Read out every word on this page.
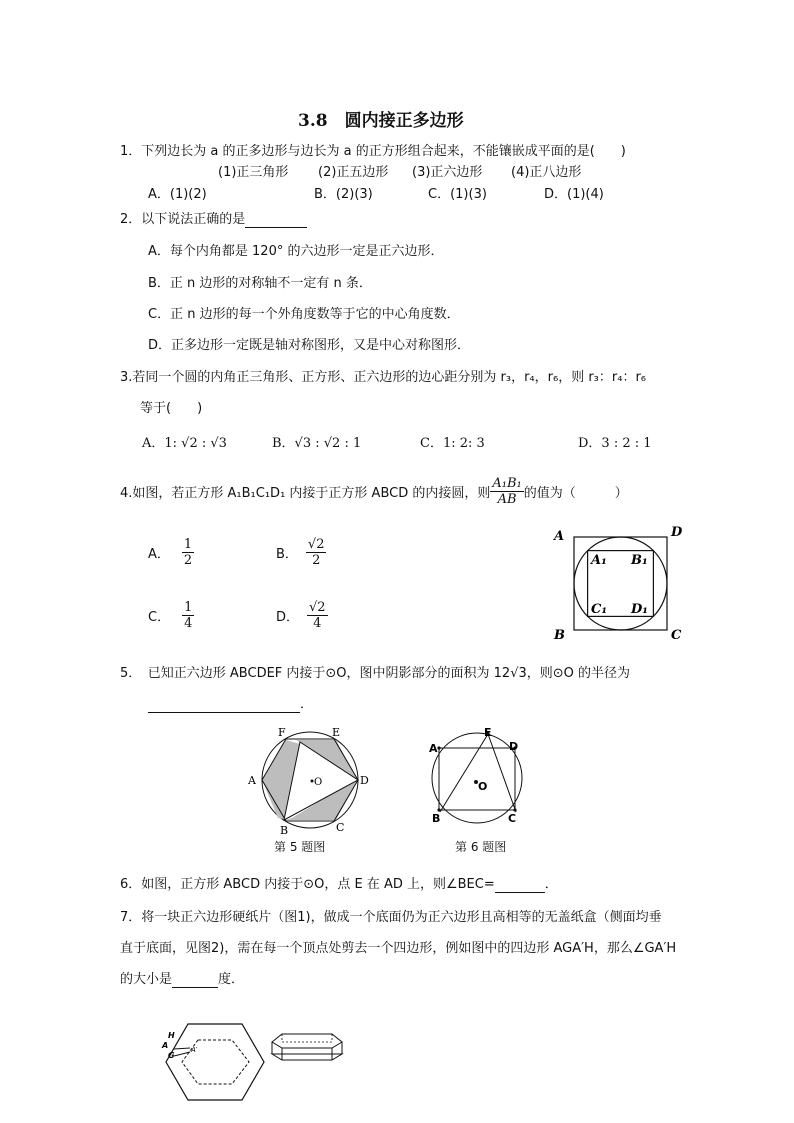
3.8　圆内接正多边形
1．下列边长为 a 的正多边形与边长为 a 的正方形组合起来，不能镶嵌成平面的是(　　)
(1)正三角形 (2)正五边形 (3)正六边形 (4)正八边形
A．(1)(2)	B．(2)(3)	C．(1)(3)	D．(1)(4)
2．以下说法正确的是
A．每个内角都是 120° 的六边形一定是正六边形．
B．正 n 边形的对称轴不一定有 n 条．
C．正 n 边形的每一个外角度数等于它的中心角度数．
D．正多边形一定既是轴对称图形，又是中心对称图形．
3.若同一个圆的内角正三角形、正方形、正六边形的边心距分别为 r₃，r₄，r₆，则 r₃：r₄：r₆
等于(　　)
A．1: √2 : √3	B．√3 : √2 : 1	C．1: 2: 3	D．3 : 2 : 1
4.如图，若正方形 A₁B₁C₁D₁ 内接于正方形 ABCD 的内接圆，则 $\frac{\text{A₁B₁}}{AB}$ 的值为（　　　）
A． $\frac{1}{2}$	B． $\frac{√2}{2}$
C． $\frac{1}{4}$	D． $\frac{√2}{4}$
A	D
B	C
A₁ B₁
C₁ D₁
5．　已知正六边形 ABCDEF 内接于⊙O，图中阴影部分的面积为 12√3，则⊙O 的半径为
．
F	E
A	D
B	C
O
第 5 题图
A
E
D
O
B	C
第 6 题图
6．如图，正方形 ABCD 内接于⊙O，点 E 在 AD 上，则∠BEC=	．
7．将一块正六边形硬纸片（图1)，做成一个底面仍为正六边形且高相等的无盖纸盒（侧面均垂
直于底面，见图2)，需在每一个顶点处剪去一个四边形，例如图中的四边形 AGA′H，那么∠GA′H
的大小是	度．
H
A
G
A′
